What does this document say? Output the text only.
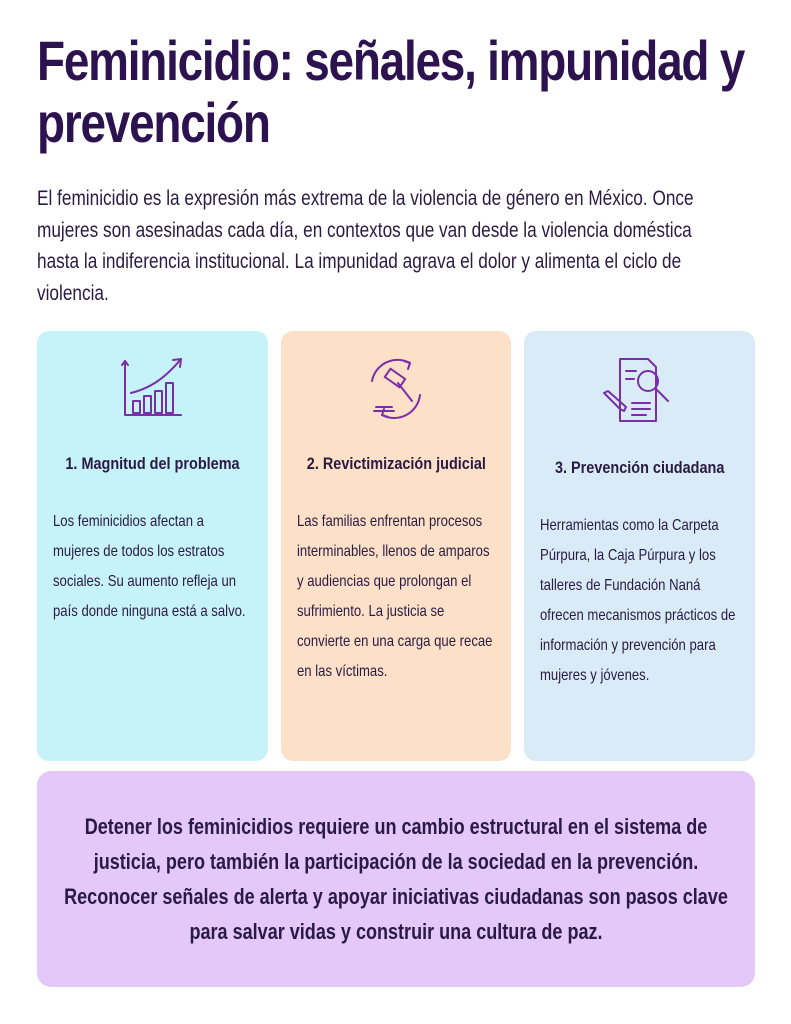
Feminicidio: señales, impunidad y prevención

El feminicidio es la expresión más extrema de la violencia de género en México. Once mujeres son asesinadas cada día, en contextos que van desde la violencia doméstica hasta la indiferencia institucional. La impunidad agrava el dolor y alimenta el ciclo de violencia.

1. Magnitud del problema
Los feminicidios afectan a mujeres de todos los estratos sociales. Su aumento refleja un país donde ninguna está a salvo.
2. Revictimización judicial
Las familias enfrentan procesos interminables, llenos de amparos y audiencias que prolongan el sufrimiento. La justicia se convierte en una carga que recae en las víctimas.
3. Prevención ciudadana
Herramientas como la Carpeta Púrpura, la Caja Púrpura y los talleres de Fundación Naná ofrecen mecanismos prácticos de información y prevención para mujeres y jóvenes.
Detener los feminicidios requiere un cambio estructural en el sistema de justicia, pero también la participación de la sociedad en la prevención. Reconocer señales de alerta y apoyar iniciativas ciudadanas son pasos clave para salvar vidas y construir una cultura de paz.
